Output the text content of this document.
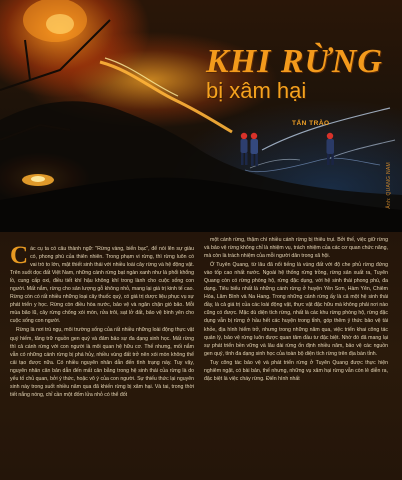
KHI RỪNG
bị xâm hại
TẤN TRÀO
Ảnh: QUANG NAM

Các cụ ta có câu thành ngữ: "Rừng vàng, biển bạc", để nói lên sự giàu có, phong phú của thiên nhiên. Trong phạm vi rừng, thì rừng luôn có vai trò to lớn, mật thiết sinh thái với nhiều loài cây rừng và hệ động vật. Trên suốt dọc đất Việt Nam, những cánh rừng bạt ngàn xanh như lá phổi khổng lồ, cung cấp oxi, điều tiết khí hậu không khí trong lành cho cuộc sống con người. Mất nắm, rừng cho sản lượng gỗ không nhỏ, mang lại giá trị kinh tế cao. Rừng còn có rất nhiều những loại cây thuốc quý, có giá trị dược liệu phục vụ sự phát triển y học. Rừng còn điều hòa nước, bảo vệ và ngăn chặn gió bão. Mỗi mùa bão lũ, cây rừng chống xói mòn, rửa trôi, sạt lở đất, bảo vệ bình yên cho cuộc sống con người.

Rừng là nơi trú ngụ, môi trường sống của rất nhiều những loài động thực vật quý hiếm, tăng trữ nguồn gen quý và đảm bảo sự đa dạng sinh học. Mất rừng thì cả cánh rừng với con người là môi quan hệ hữu cơ. Thế nhưng, mối nắm vẫn có những cánh rừng bị phá hủy, nhiều vùng đất trở nên xói mòn không thể cải tạo được nữa. Có nhiều nguyên nhân dẫn đến tình trạng này. Tuy vậy, nguyên nhân căn bản dẫn đến mất cân bằng trong hệ sinh thái của rừng là do yếu tố chủ quan, bởi ý thức, hoặc vô ý của con người. Sự thiếu thức lại nguyên sinh này trong suốt nhiều năm qua đã khiến rừng bị xâm hại. Và tai, trong thời tiết nắng nóng, chỉ cần một đốm lửa nhỏ có thể đốt

một cánh rừng, thậm chí nhiều cánh rừng bị thiêu trụi. Bởi thế, việc giữ rừng và bảo vệ rừng không chỉ là nhiệm vụ, trách nhiệm của các cơ quan chức năng, mà còn là trách nhiệm của mỗi người dân trong xã hội.

Ở Tuyên Quang, từ lâu đã nổi tiếng là vùng đất với độ che phủ rừng đứng vào tốp cao nhất nước. Ngoài hệ thống rừng trồng, rừng sản xuất ra, Tuyên Quang còn có rừng phòng hộ, rừng đặc dụng, với hệ sinh thái phong phú, đa dạng. Tiêu biểu nhất là những cánh rừng ở huyện Yên Sơn, Hàm Yên, Chiêm Hóa, Lâm Bình và Na Hang. Trong những cánh rừng ấy là cả một hệ sinh thái đầy, là cả giá trị của các loài động vật, thực vật đặc hữu mà không phải nơi nào cũng có được. Mặc dù diện tích rừng, nhất là các khu rừng phòng hộ, rừng đặc dụng vẫn bị rừng ở hầu hết các huyện trong tỉnh, góp thêm ý thức bảo vệ tài khỏe, địa hình hiểm trở, nhưng trong những năm qua, việc triển khai công tác quản lý, bảo vệ rừng luôn được quan tâm đầu tư đặc biệt. Nhờ đó đã mang lại sự phát triển bền vững và lâu dài rừng ổn định nhiều năm, bảo vệ các nguồn gen quý, tính đa dạng sinh học của toàn bộ diện tích rừng trên địa bàn tỉnh.

Tuy công tác bảo vệ và phát triển rừng ở Tuyên Quang được thực hiện nghiêm ngặt, có bài bản, thế nhưng, những vụ xâm hại rừng vẫn còn lẻ diễn ra, đặc biệt là việc cháy rừng. Điển hình nhất
